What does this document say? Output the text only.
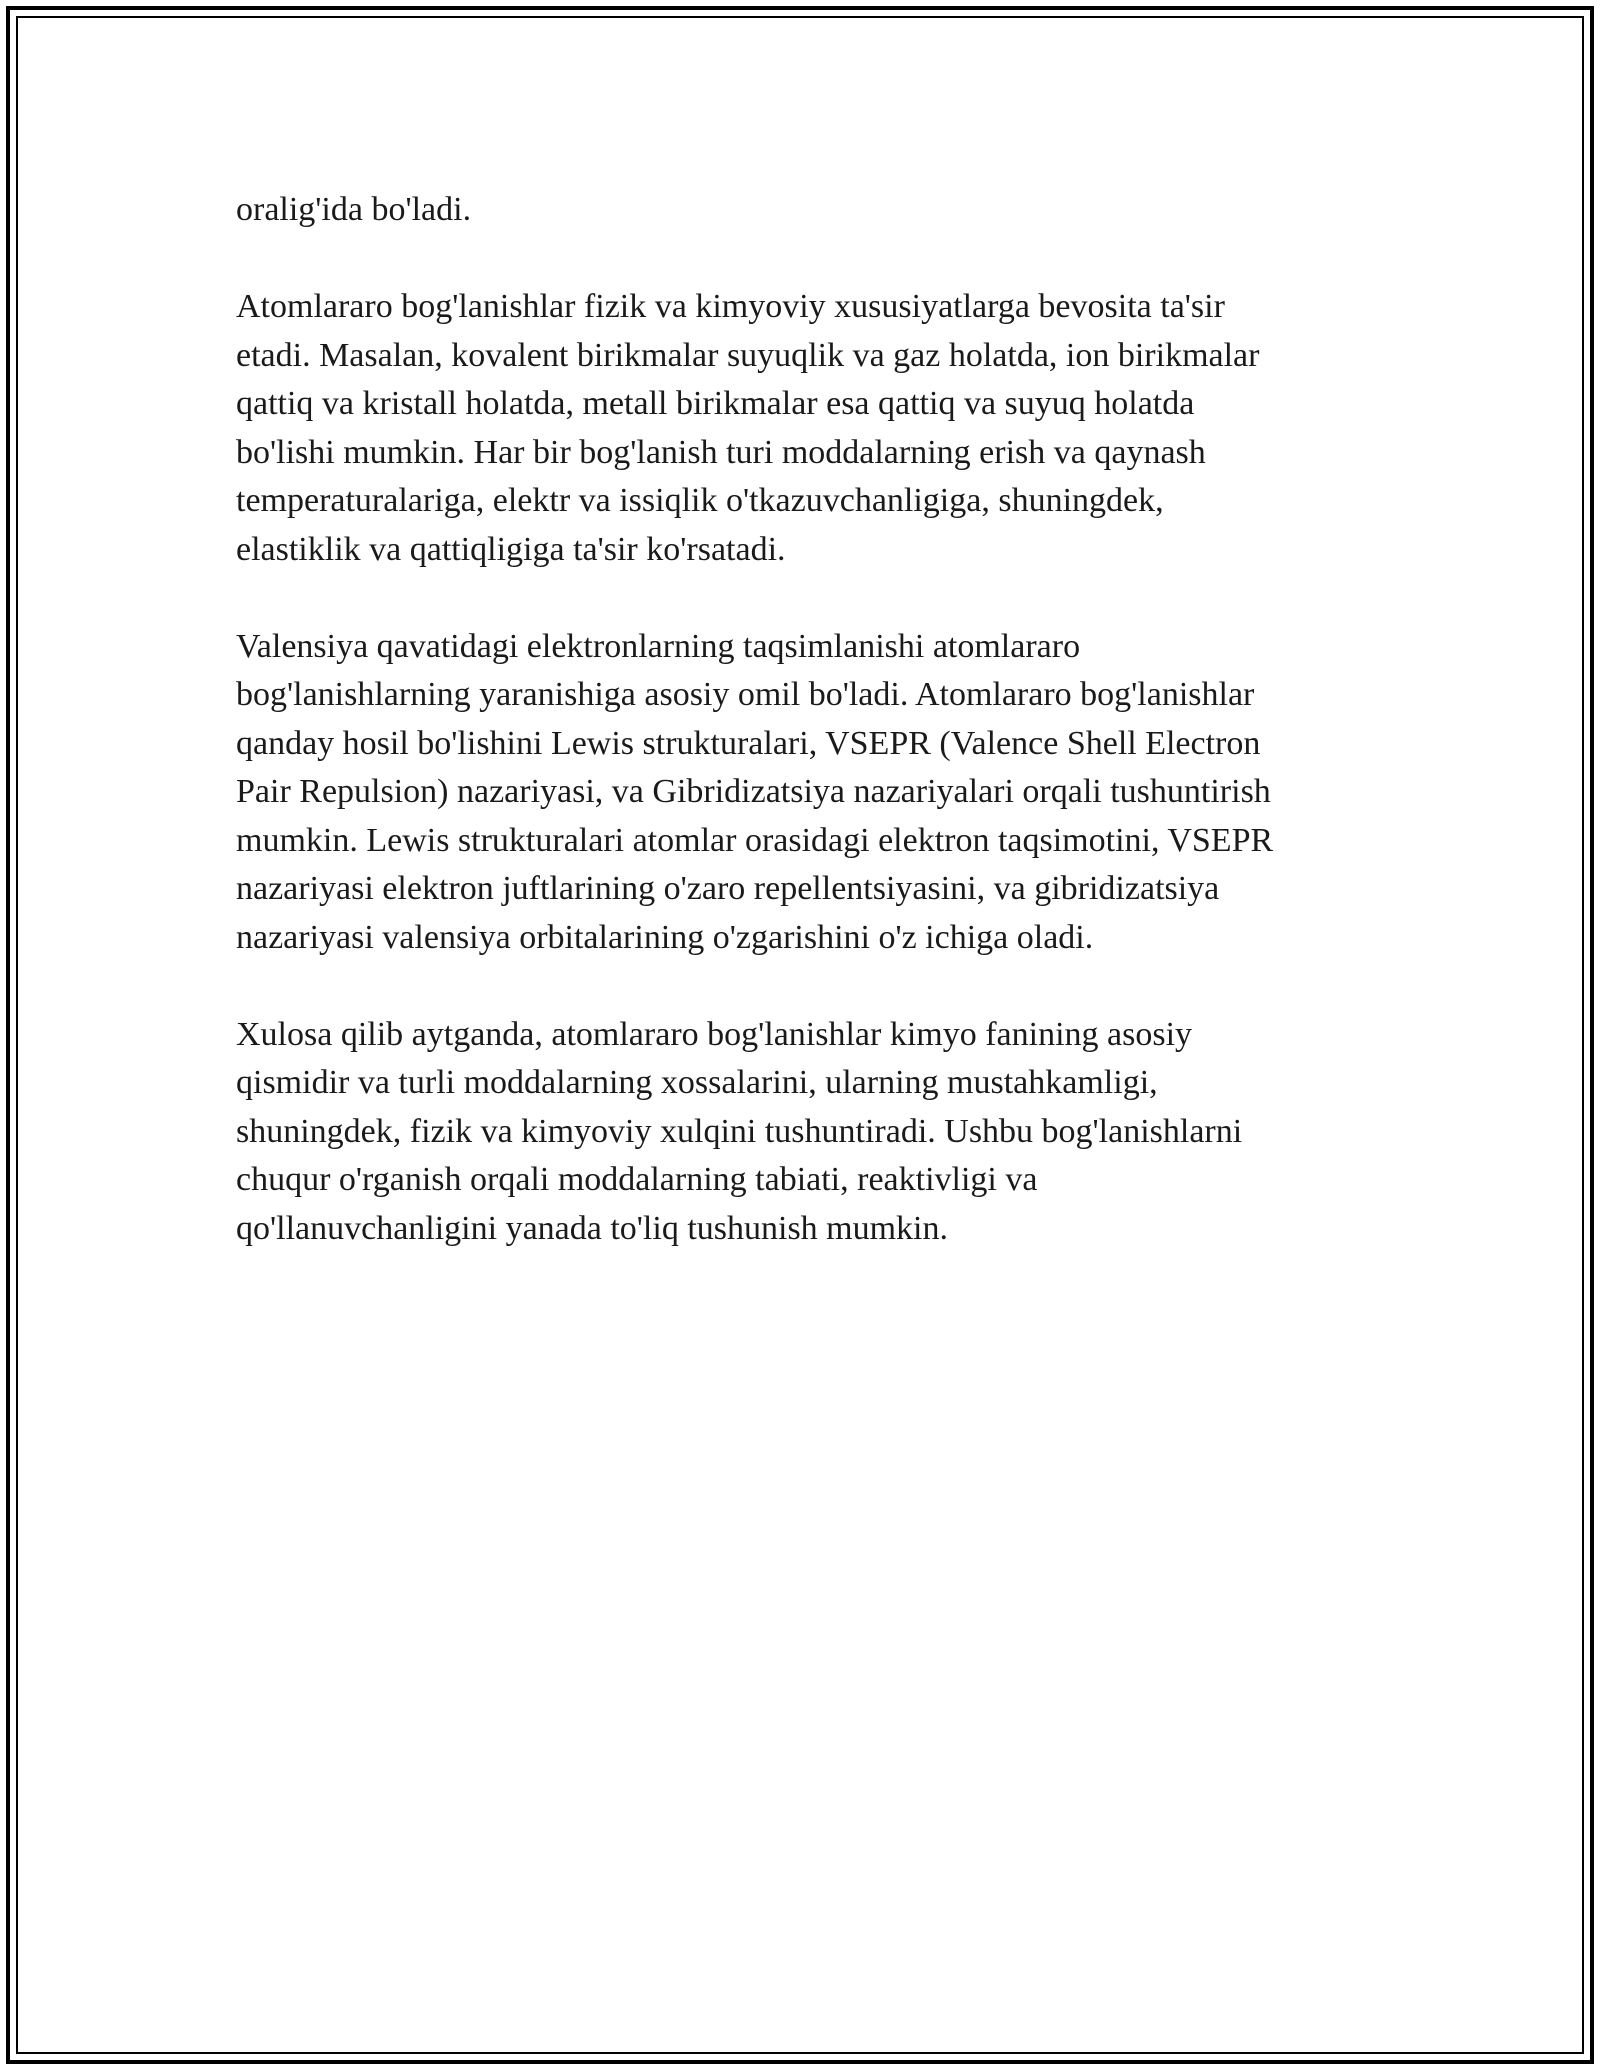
oralig'ida bo'ladi.

Atomlararo bog'lanishlar fizik va kimyoviy xususiyatlarga bevosita ta'sir
etadi. Masalan, kovalent birikmalar suyuqlik va gaz holatda, ion birikmalar
qattiq va kristall holatda, metall birikmalar esa qattiq va suyuq holatda
bo'lishi mumkin. Har bir bog'lanish turi moddalarning erish va qaynash
temperaturalariga, elektr va issiqlik o'tkazuvchanligiga, shuningdek,
elastiklik va qattiqligiga ta'sir ko'rsatadi.

Valensiya qavatidagi elektronlarning taqsimlanishi atomlararo
bog'lanishlarning yaranishiga asosiy omil bo'ladi. Atomlararo bog'lanishlar
qanday hosil bo'lishini Lewis strukturalari, VSEPR (Valence Shell Electron
Pair Repulsion) nazariyasi, va Gibridizatsiya nazariyalari orqali tushuntirish
mumkin. Lewis strukturalari atomlar orasidagi elektron taqsimotini, VSEPR
nazariyasi elektron juftlarining o'zaro repellentsiyasini, va gibridizatsiya
nazariyasi valensiya orbitalarining o'zgarishini o'z ichiga oladi.

Xulosa qilib aytganda, atomlararo bog'lanishlar kimyo fanining asosiy
qismidir va turli moddalarning xossalarini, ularning mustahkamligi,
shuningdek, fizik va kimyoviy xulqini tushuntiradi. Ushbu bog'lanishlarni
chuqur o'rganish orqali moddalarning tabiati, reaktivligi va
qo'llanuvchanligini yanada to'liq tushunish mumkin.
